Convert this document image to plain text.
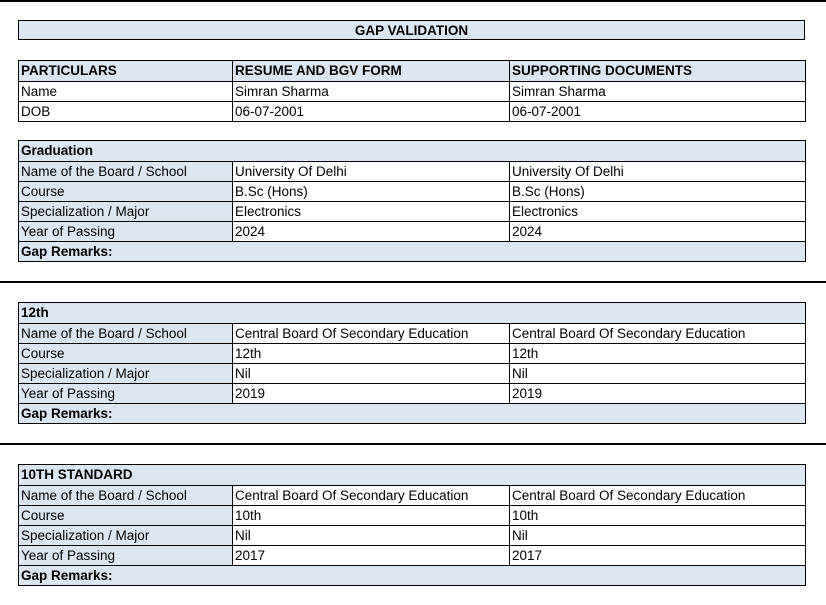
GAP VALIDATION
PARTICULARS	RESUME AND BGV FORM	SUPPORTING DOCUMENTS
Name	Simran Sharma	Simran Sharma
DOB	06-07-2001	06-07-2001
Graduation
Name of the Board / School	University Of Delhi	University Of Delhi
Course	B.Sc (Hons)	B.Sc (Hons)
Specialization / Major	Electronics	Electronics
Year of Passing	2024	2024
Gap Remarks:
12th
Name of the Board / School	Central Board Of Secondary Education	Central Board Of Secondary Education
Course	12th	12th
Specialization / Major	Nil	Nil
Year of Passing	2019	2019
Gap Remarks:
10TH STANDARD
Name of the Board / School	Central Board Of Secondary Education	Central Board Of Secondary Education
Course	10th	10th
Specialization / Major	Nil	Nil
Year of Passing	2017	2017
Gap Remarks:
